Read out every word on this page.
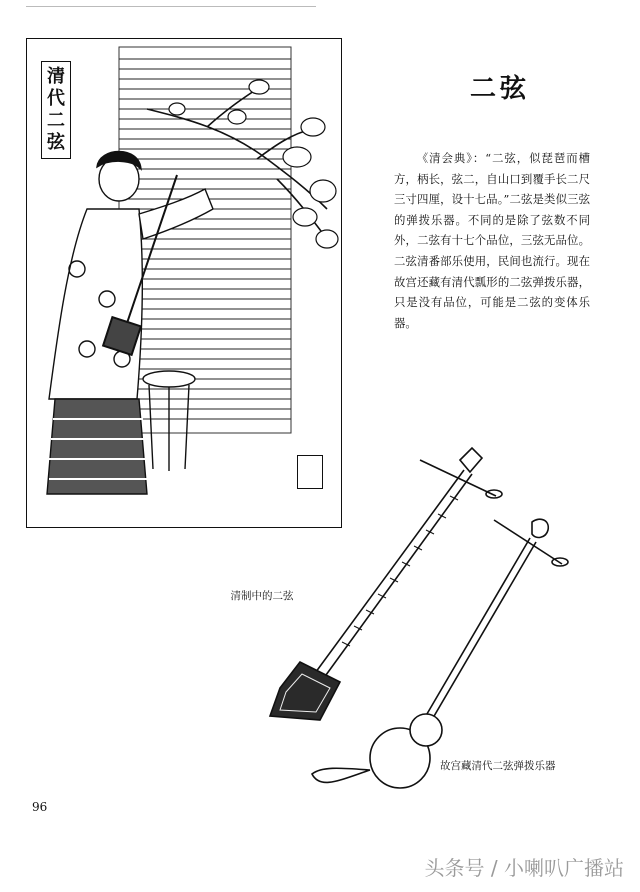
清
代
二
弦
二弦
《清会典》：“二弦，似琵琶而槽方，柄长，弦二，自山口到覆手长二尺三寸四厘，设十七品。”二弦是类似三弦的弹拨乐器。不同的是除了弦数不同外，二弦有十七个品位，三弦无品位。二弦清番部乐使用，民间也流行。现在故宫还藏有清代瓢形的二弦弹拨乐器，只是没有品位，可能是二弦的变体乐器。
清制中的二弦
故宫藏清代二弦弹拨乐器
96
头条号 / 小喇叭广播站
